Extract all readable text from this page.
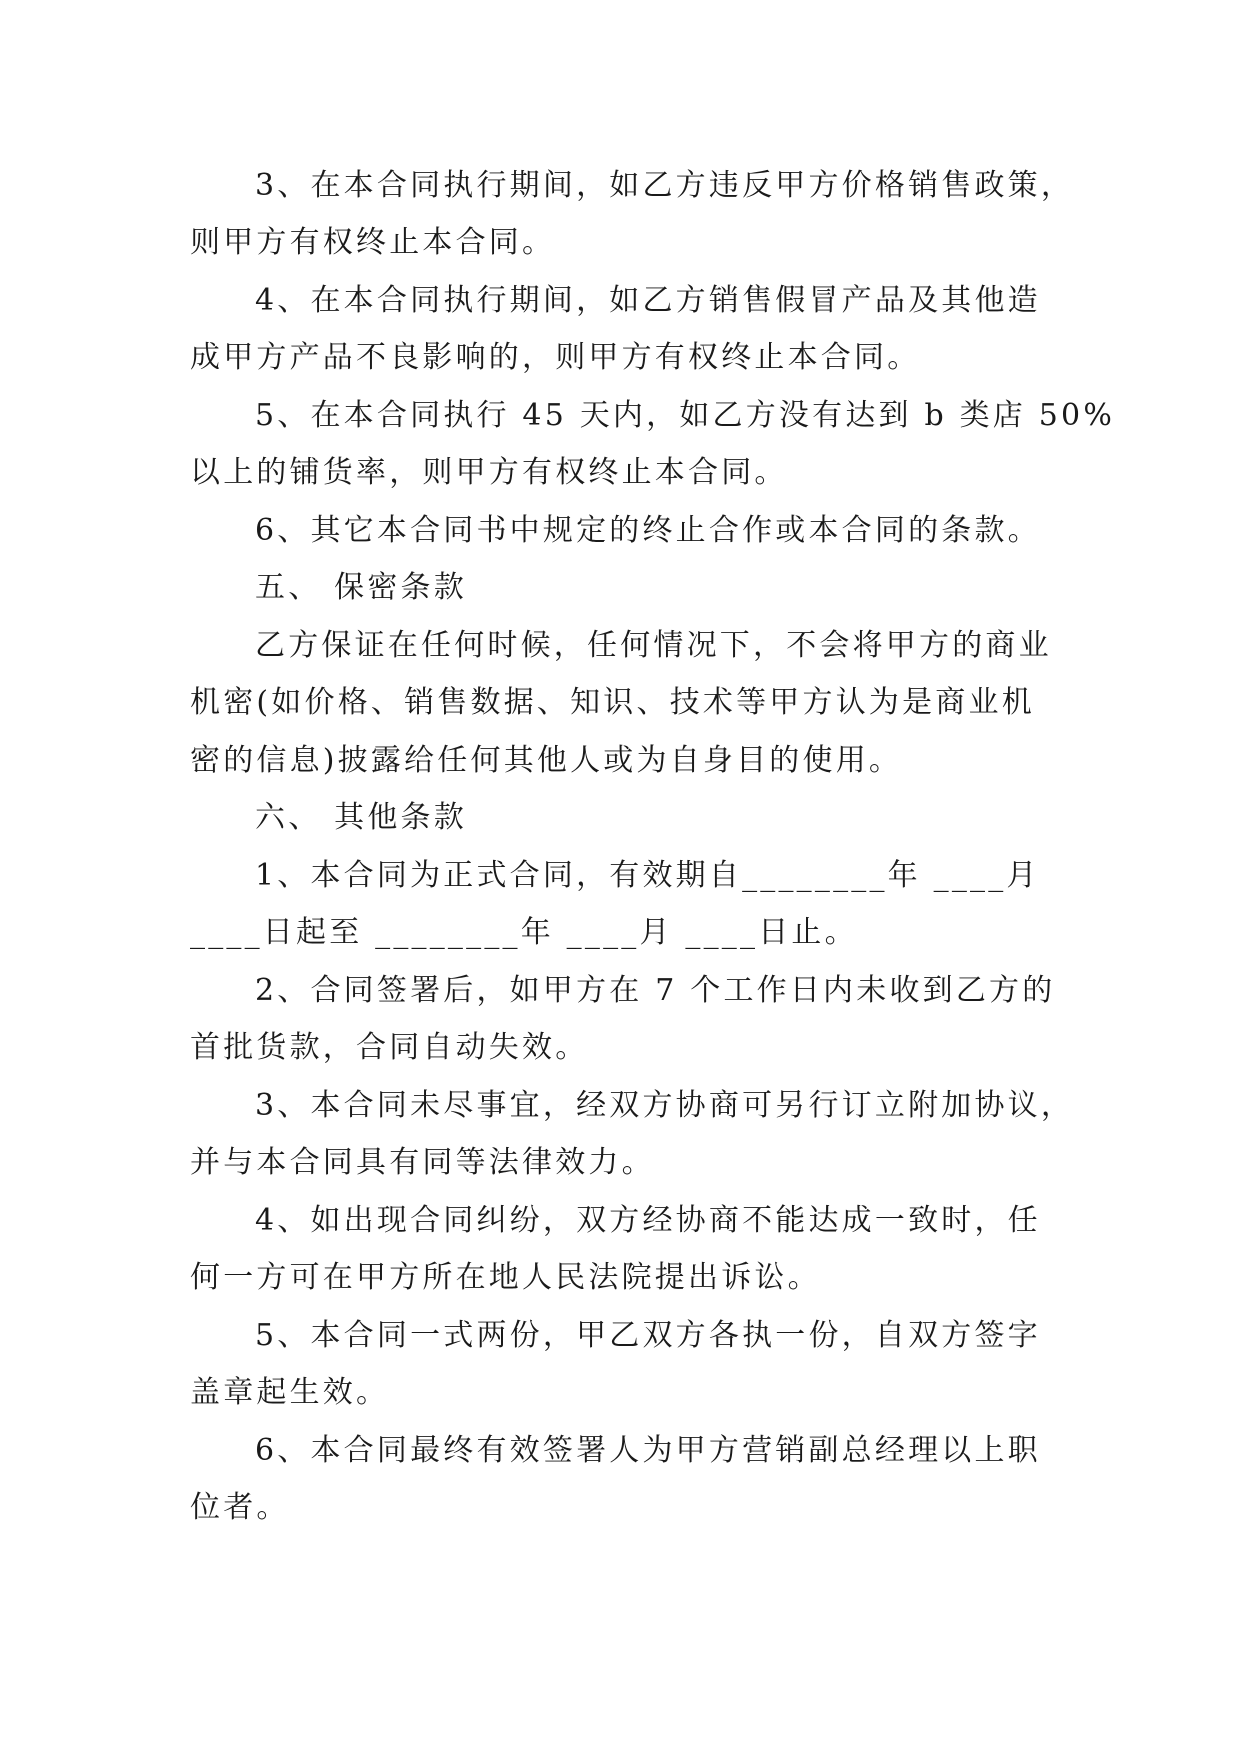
3、在本合同执行期间，如乙方违反甲方价格销售政策，
则甲方有权终止本合同。
4、在本合同执行期间，如乙方销售假冒产品及其他造
成甲方产品不良影响的，则甲方有权终止本合同。
5、在本合同执行 45 天内，如乙方没有达到 b 类店 50%
以上的铺货率，则甲方有权终止本合同。
6、其它本合同书中规定的终止合作或本合同的条款。
五、 保密条款
乙方保证在任何时候，任何情况下，不会将甲方的商业
机密(如价格、销售数据、知识、技术等甲方认为是商业机
密的信息)披露给任何其他人或为自身目的使用。
六、 其他条款
1、本合同为正式合同，有效期自________年 ____月
____日起至 ________年 ____月 ____日止。
2、合同签署后，如甲方在 7 个工作日内未收到乙方的
首批货款，合同自动失效。
3、本合同未尽事宜，经双方协商可另行订立附加协议，
并与本合同具有同等法律效力。
4、如出现合同纠纷，双方经协商不能达成一致时，任
何一方可在甲方所在地人民法院提出诉讼。
5、本合同一式两份，甲乙双方各执一份，自双方签字
盖章起生效。
6、本合同最终有效签署人为甲方营销副总经理以上职
位者。
